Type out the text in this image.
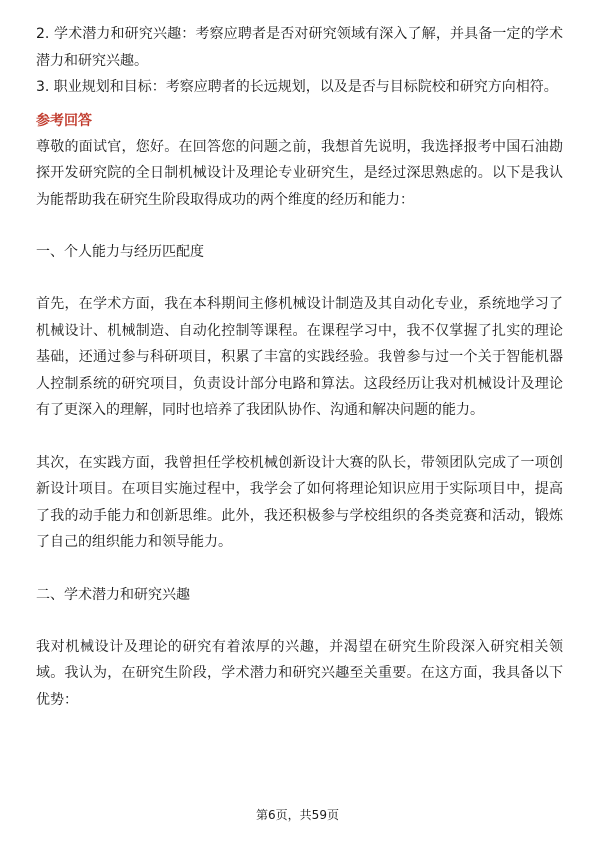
2. 学术潜力和研究兴趣：考察应聘者是否对研究领域有深入了解，并具备一定的学术潜力和研究兴趣。

3. 职业规划和目标：考察应聘者的长远规划，以及是否与目标院校和研究方向相符。

参考回答

尊敬的面试官，您好。在回答您的问题之前，我想首先说明，我选择报考中国石油勘探开发研究院的全日制机械设计及理论专业研究生，是经过深思熟虑的。以下是我认为能帮助我在研究生阶段取得成功的两个维度的经历和能力：

一、个人能力与经历匹配度

首先，在学术方面，我在本科期间主修机械设计制造及其自动化专业，系统地学习了机械设计、机械制造、自动化控制等课程。在课程学习中，我不仅掌握了扎实的理论基础，还通过参与科研项目，积累了丰富的实践经验。我曾参与过一个关于智能机器人控制系统的研究项目，负责设计部分电路和算法。这段经历让我对机械设计及理论有了更深入的理解，同时也培养了我团队协作、沟通和解决问题的能力。

其次，在实践方面，我曾担任学校机械创新设计大赛的队长，带领团队完成了一项创新设计项目。在项目实施过程中，我学会了如何将理论知识应用于实际项目中，提高了我的动手能力和创新思维。此外，我还积极参与学校组织的各类竞赛和活动，锻炼了自己的组织能力和领导能力。

二、学术潜力和研究兴趣

我对机械设计及理论的研究有着浓厚的兴趣，并渴望在研究生阶段深入研究相关领域。我认为，在研究生阶段，学术潜力和研究兴趣至关重要。在这方面，我具备以下优势：

第6页，共59页
